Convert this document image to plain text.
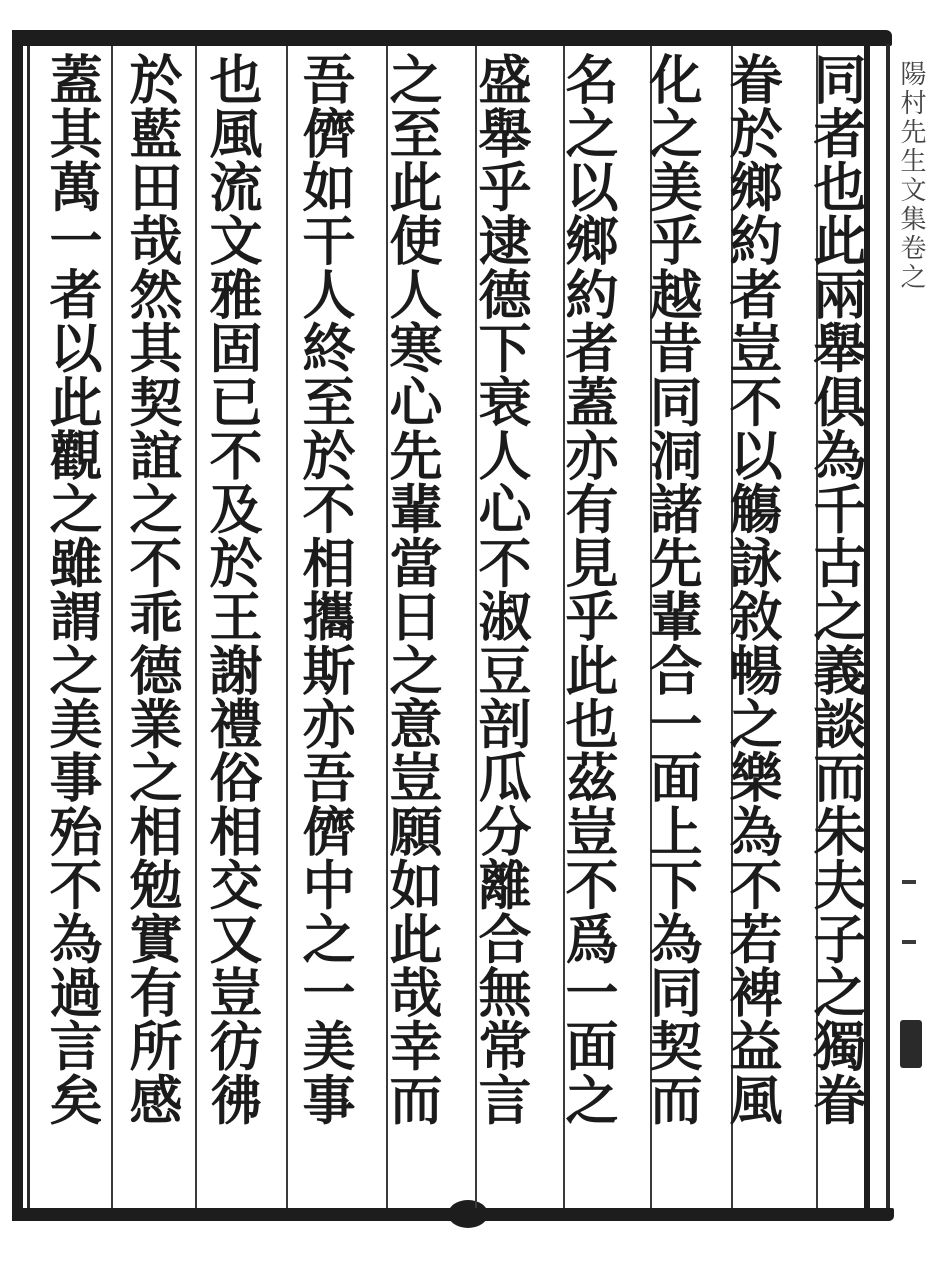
同者也此兩舉俱為千古之義談而朱夫子之獨眷
眷於鄉約者豈不以觴詠敘暢之樂為不若裨益風
化之美乎越昔同洞諸先輩合一面上下為同契而
名之以鄉約者蓋亦有見乎此也茲豈不爲一面之
盛舉乎逮德下衰人心不淑豆剖瓜分離合無常言
之至此使人寒心先輩當日之意豈願如此哉幸而
吾儕如干人終至於不相攜斯亦吾儕中之一美事
也風流文雅固已不及於王謝禮俗相交又豈彷彿
於藍田哉然其契誼之不乖德業之相勉實有所感
蓋其萬一者以此觀之雖謂之美事殆不為過言矣	陽村先生文集卷之
